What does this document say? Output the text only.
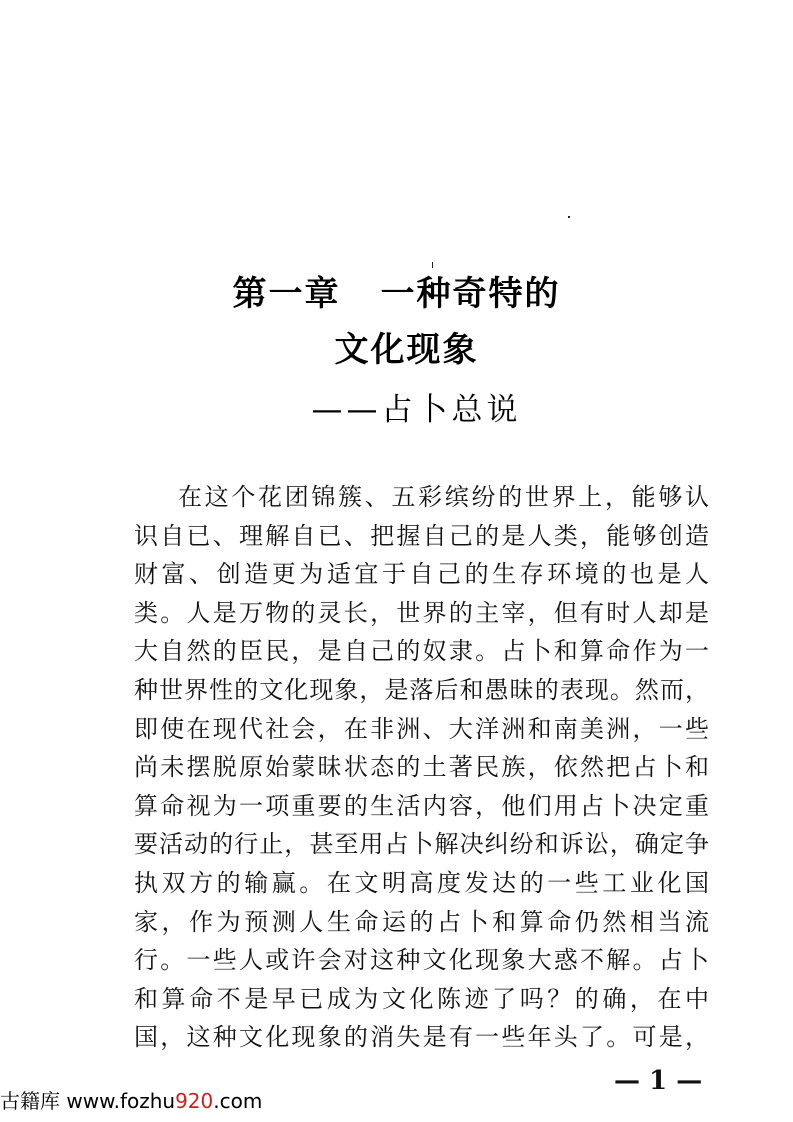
第一章 一种奇特的
文化现象
——占卜总说
在这个花团锦簇、五彩缤纷的世界上，能够认
识自已、理解自已、把握自己的是人类，能够创造
财富、创造更为适宜于自己的生存环境的也是人
类。人是万物的灵长，世界的主宰，但有时人却是
大自然的臣民，是自己的奴隶。占卜和算命作为一
种世界性的文化现象，是落后和愚昧的表现。然而，
即使在现代社会，在非洲、大洋洲和南美洲，一些
尚未摆脱原始蒙昧状态的土著民族，依然把占卜和
算命视为一项重要的生活内容，他们用占卜决定重
要活动的行止，甚至用占卜解决纠纷和诉讼，确定争
执双方的输赢。在文明高度发达的一些工业化国
家，作为预测人生命运的占卜和算命仍然相当流
行。一些人或许会对这种文化现象大惑不解。占卜
和算命不是早已成为文化陈迹了吗？的确，在中
国，这种文化现象的消失是有一些年头了。可是，
— 1 —
古籍库 www.fozhu920.com
